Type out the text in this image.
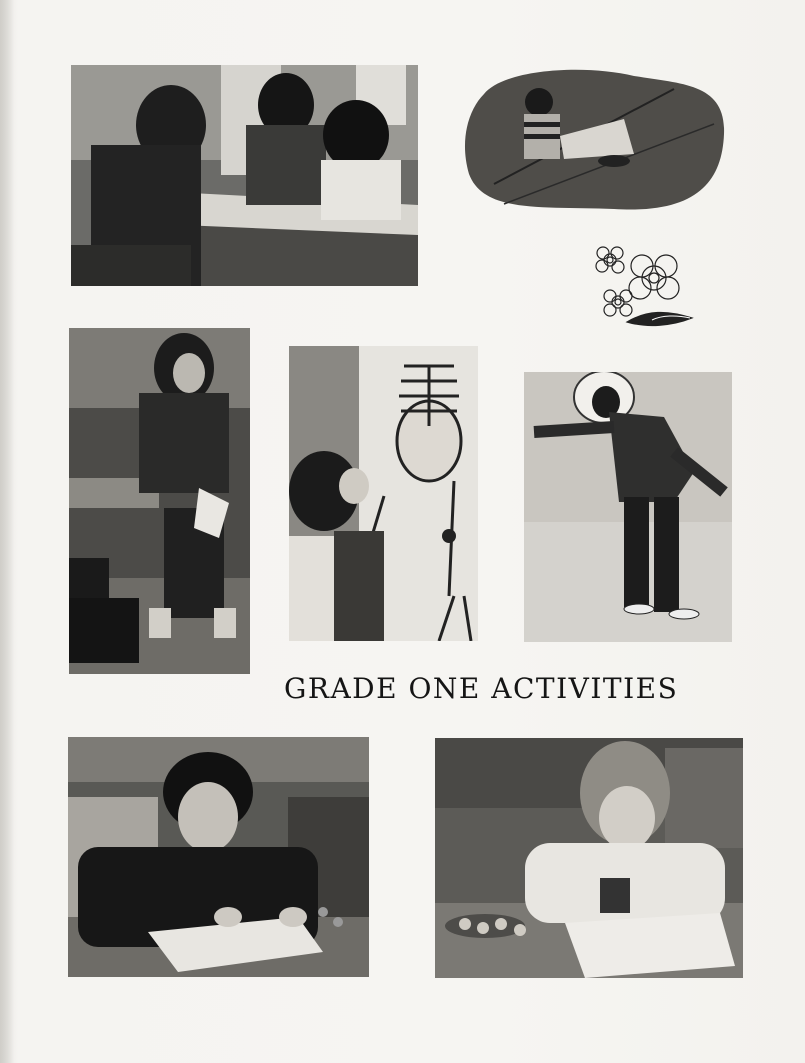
GRADE ONE ACTIVITIES
